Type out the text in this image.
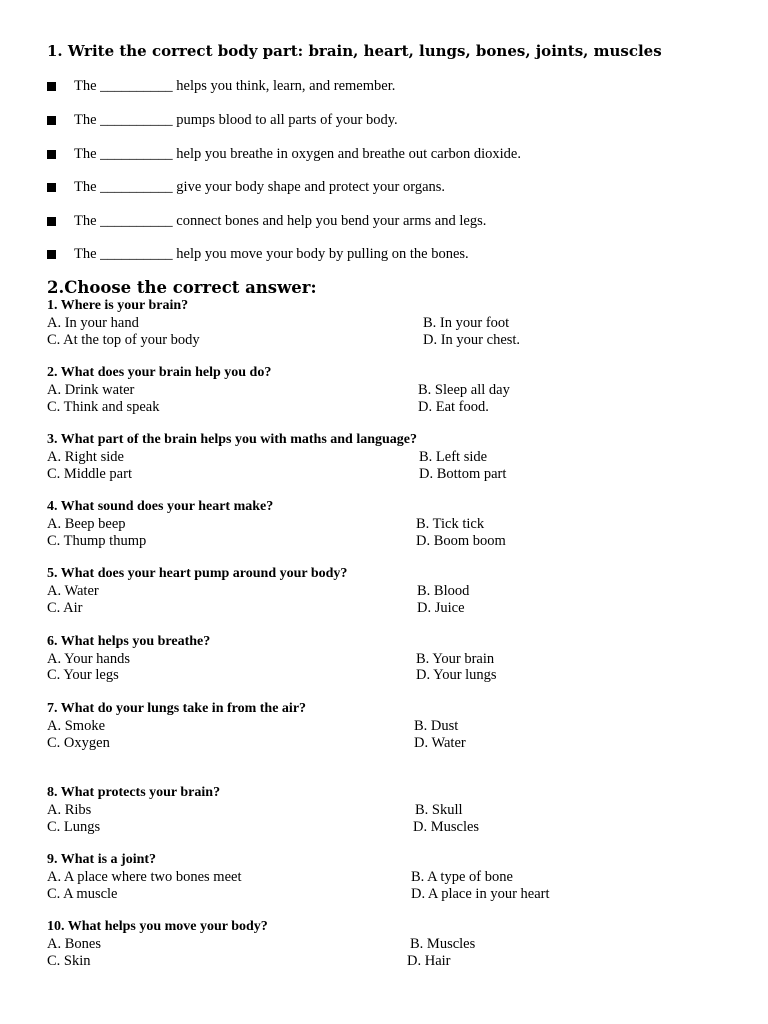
1. Write the correct body part: brain, heart, lungs, bones, joints, muscles
The __________ helps you think, learn, and remember.
The __________ pumps blood to all parts of your body.
The __________ help you breathe in oxygen and breathe out carbon dioxide.
The __________ give your body shape and protect your organs.
The __________ connect bones and help you bend your arms and legs.
The __________ help you move your body by pulling on the bones.
2.Choose the correct answer:
1. Where is your brain?
A. In your hand	B. In your foot
C. At the top of your body	D. In your chest.
2. What does your brain help you do?
A. Drink water	B. Sleep all day
C. Think and speak	D. Eat food.
3. What part of the brain helps you with maths and language?
A. Right side	B. Left side
C. Middle part	D. Bottom part
4. What sound does your heart make?
A. Beep beep	B. Tick tick
C. Thump thump	D. Boom boom
5. What does your heart pump around your body?
A. Water	B. Blood
C. Air	D. Juice
6. What helps you breathe?
A. Your hands	B. Your brain
C. Your legs	D. Your lungs
7. What do your lungs take in from the air?
A. Smoke	B. Dust
C. Oxygen	D. Water
8. What protects your brain?
A. Ribs	B. Skull
C. Lungs	D. Muscles
9. What is a joint?
A. A place where two bones meet	B. A type of bone
C. A muscle	D. A place in your heart
10. What helps you move your body?
A. Bones	B. Muscles
C. Skin	D. Hair
